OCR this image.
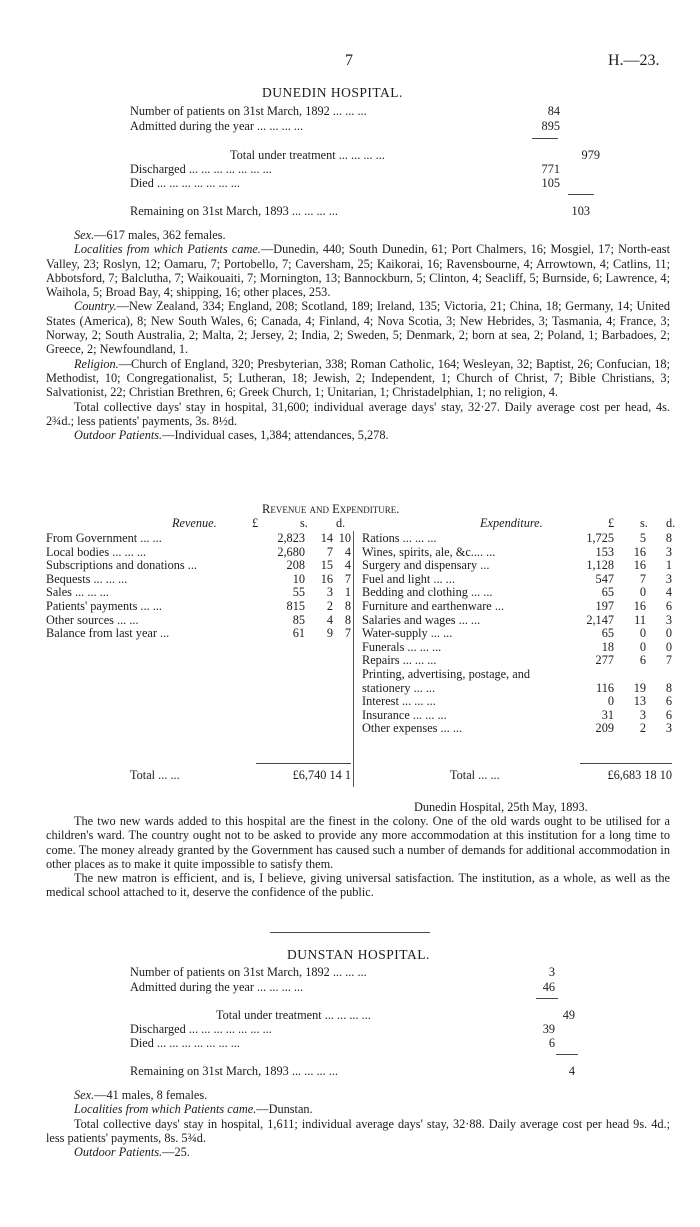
7	H.—23.
DUNEDIN HOSPITAL.
Number of patients on 31st March, 1892 ... ... ...	84
Admitted during the year ... ... ... ...	895
Total under treatment ... ... ... ...	979
Discharged ... ... ... ... ... ... ...	771
Died ... ... ... ... ... ... ...	105
Remaining on 31st March, 1893 ... ... ... ...	103

Sex.—617 males, 362 females.

Localities from which Patients came.—Dunedin, 440; South Dunedin, 61; Port Chalmers, 16; Mosgiel, 17; North-east Valley, 23; Roslyn, 12; Oamaru, 7; Portobello, 7; Caversham, 25; Kaikorai, 16; Ravensbourne, 4; Arrowtown, 4; Catlins, 11; Abbotsford, 7; Balclutha, 7; Waikouaiti, 7; Mornington, 13; Bannockburn, 5; Clinton, 4; Seacliff, 5; Burnside, 6; Lawrence, 4; Waihola, 5; Broad Bay, 4; shipping, 16; other places, 253.

Country.—New Zealand, 334; England, 208; Scotland, 189; Ireland, 135; Victoria, 21; China, 18; Germany, 14; United States (America), 8; New South Wales, 6; Canada, 4; Finland, 4; Nova Scotia, 3; New Hebrides, 3; Tasmania, 4; France, 3; Norway, 2; South Australia, 2; Malta, 2; Jersey, 2; India, 2; Sweden, 5; Denmark, 2; born at sea, 2; Poland, 1; Barbadoes, 2; Greece, 2; Newfoundland, 1.

Religion.—Church of England, 320; Presbyterian, 338; Roman Catholic, 164; Wesleyan, 32; Baptist, 26; Confucian, 18; Methodist, 10; Congregationalist, 5; Lutheran, 18; Jewish, 2; Independent, 1; Church of Christ, 7; Bible Christians, 3; Salvationist, 22; Christian Brethren, 6; Greek Church, 1; Unitarian, 1; Christadelphian, 1; no religion, 4.

Total collective days' stay in hospital, 31,600; individual average days' stay, 32·27. Daily average cost per head, 4s. 2¾d.; less patients' payments, 3s. 8½d.

Outdoor Patients.—Individual cases, 1,384; attendances, 5,278.

Revenue and Expenditure.
Revenue.	£	s. d.	Expenditure.	£ s. d.
From Government ... ...	2,823 14 10
Local bodies ... ... ...	2,680 7 4
Subscriptions and donations ...	208 15 4
Bequests ... ... ...	10 16 7
Sales ... ... ...	55 3 1
Patients' payments ... ...	815 2 8
Other sources ... ...	85 4 8
Balance from last year ...	61 9 7
Rations ... ... ...	1,725 5 8
Wines, spirits, ale, &c.... ...	153 16 3
Surgery and dispensary ...	1,128 16 1
Fuel and light ... ...	547 7 3
Bedding and clothing ... ...	65 0 4
Furniture and earthenware ...	197 16 6
Salaries and wages ... ...	2,147 11 3
Water-supply ... ...	65 0 0
Funerals ... ... ...	18 0 0
Repairs ... ... ...	277 6 7
Printing, advertising, postage, and
stationery ... ...	116 19 8
Interest ... ... ...	0 13 6
Insurance ... ... ...	31 3 6
Other expenses ... ...	209 2 3
Total ... ...	£6,740 14 1	Total ... ...	£6,683 18 10
Dunedin Hospital, 25th May, 1893.

The two new wards added to this hospital are the finest in the colony. One of the old wards ought to be utilised for a children's ward. The country ought not to be asked to provide any more accommodation at this institution for a long time to come. The money already granted by the Government has caused such a number of demands for additional accommodation in other places as to make it quite impossible to satisfy them.

The new matron is efficient, and is, I believe, giving universal satisfaction. The institution, as a whole, as well as the medical school attached to it, deserve the confidence of the public.

DUNSTAN HOSPITAL.
Number of patients on 31st March, 1892 ... ... ...	3
Admitted during the year ... ... ... ...	46
Total under treatment ... ... ... ...	49
Discharged ... ... ... ... ... ... ...	39
Died ... ... ... ... ... ... ...	6
Remaining on 31st March, 1893 ... ... ... ...	4

Sex.—41 males, 8 females.

Localities from which Patients came.—Dunstan.

Total collective days' stay in hospital, 1,611; individual average days' stay, 32·88. Daily average cost per head 9s. 4d.; less patients' payments, 8s. 5¾d.

Outdoor Patients.—25.
